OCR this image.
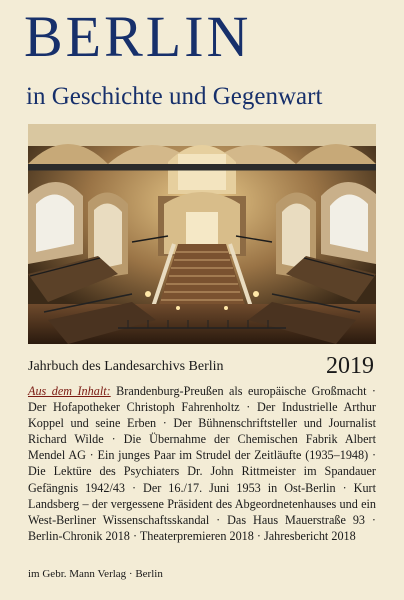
BERLIN
in Geschichte und Gegenwart
Jahrbuch des Landesarchivs Berlin	2019
Aus dem Inhalt: Brandenburg-Preußen als europäische Großmacht · Der Hofapotheker Christoph Fahrenholtz · Der Industrielle Arthur Koppel und seine Erben · Der Bühnenschriftsteller und Journalist Richard Wilde · Die Übernahme der Chemischen Fabrik Albert Mendel AG · Ein junges Paar im Strudel der Zeitläufte (1935–1948) · Die Lektüre des Psychiaters Dr. John Rittmeister im Spandauer Gefängnis 1942/43 · Der 16./17. Juni 1953 in Ost-Berlin · Kurt Landsberg – der vergessene Präsident des Abgeordnetenhauses und ein West-Berliner Wissenschaftsskandal · Das Haus Mauerstraße 93 · Berlin-Chronik 2018 · Theaterpremieren 2018 · Jahresbericht 2018
im Gebr. Mann Verlag · Berlin
